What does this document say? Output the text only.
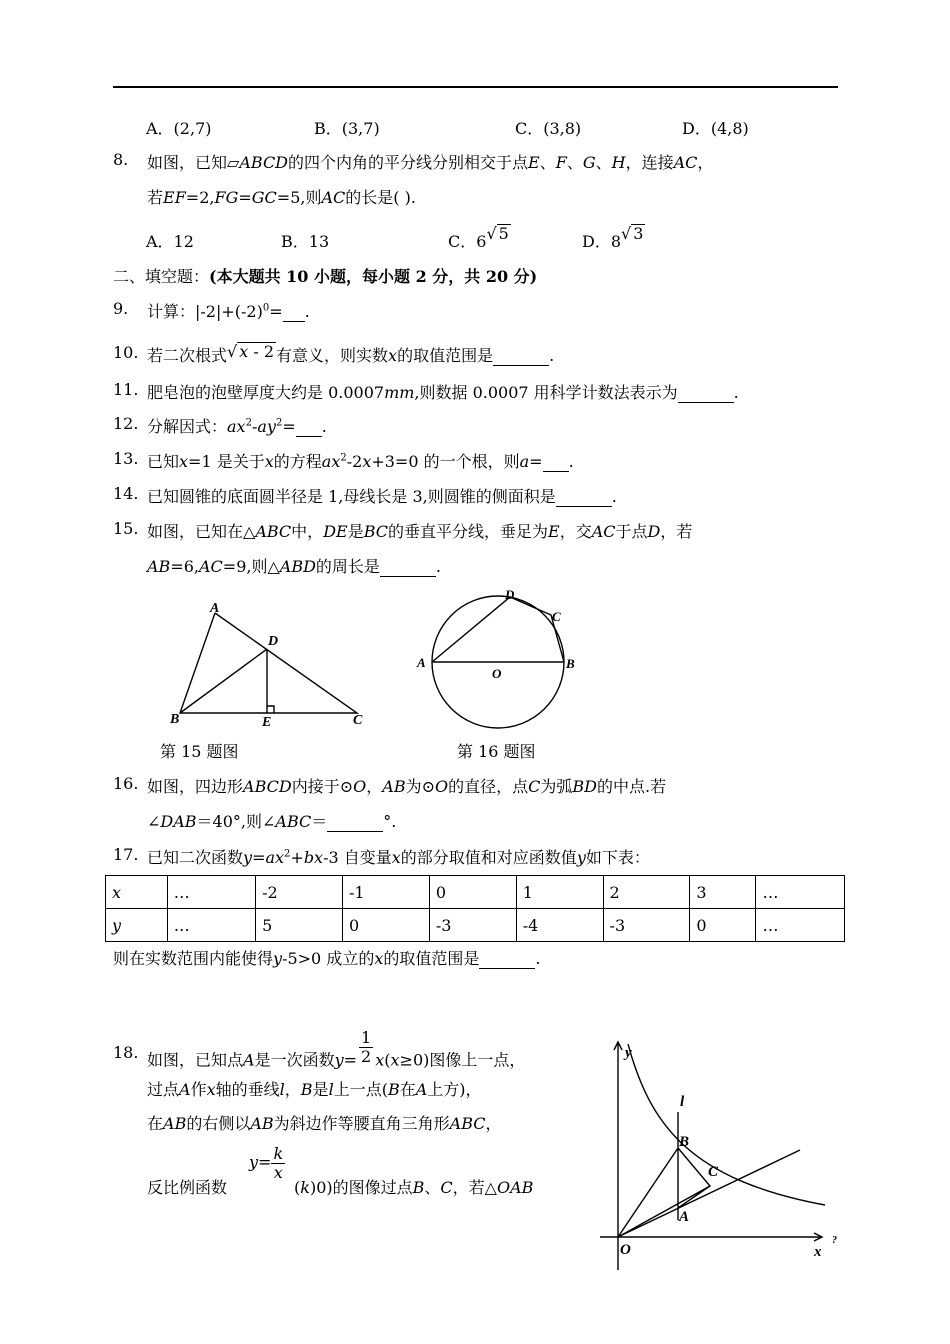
A．(2,7)	B．(3,7)	C．(3,8)	D．(4,8)
8. 如图，已知▱ABCD的四个内角的平分线分别相交于点E、F、G、H，连接AC，
若EF=2,FG=GC=5,则AC的长是( ).
A．12	B．13	C．6√ 5	D．8√ 3
二、填空题：(本大题共 10 小题，每小题 2 分，共 20 分)
9. 计算：$|-2|+(-2)^0=$ .
10. 若二次根式√ x - 2 有意义，则实数x的取值范围是	.
11. 肥皂泡的泡壁厚度大约是 0.0007mm,则数据 0.0007 用科学计数法表示为	.
12. 分解因式：$ax^2-ay^2=$ .
13. 已知x=1 是关于x的方程$ax^2-2x+3=0$ 的一个根，则a= .
14. 已知圆锥的底面圆半径是 1,母线长是 3,则圆锥的侧面积是	.
15. 如图，已知在△ABC中，DE是BC的垂直平分线，垂足为E，交AC于点D，若
AB=6,AC=9,则△ABD的周长是	.
A
B	C
D
E
第 15 题图
A	B
C
D
O
第 16 题图
16. 如图，四边形ABCD内接于⊙O，AB为⊙O的直径，点C为弧BD的中点.若
∠DAB＝40°,则∠ABC＝	°.
17. 已知二次函数$y=ax^2+bx-3$ 自变量x的部分取值和对应函数值y如下表：
x	…	-2	-1	0	1	2	3	…
y	…	5	0	-3	-4	-3	0	…
则在实数范围内能使得y-5>0 成立的x的取值范围是	.
18. 如图，已知点A是一次函数$y= \frac{1}{2} x(x\ge 0)$图像上一点，
过点A作x轴的垂线l，B是l上一点(B在A上方)，
在AB的右侧以AB为斜边作等腰直角三角形ABC，
反比例函数
$y= \frac{k}{x}$
(k)0)的图像过点B、C，若△OAB
y
l
B
C
A
O	x
?
